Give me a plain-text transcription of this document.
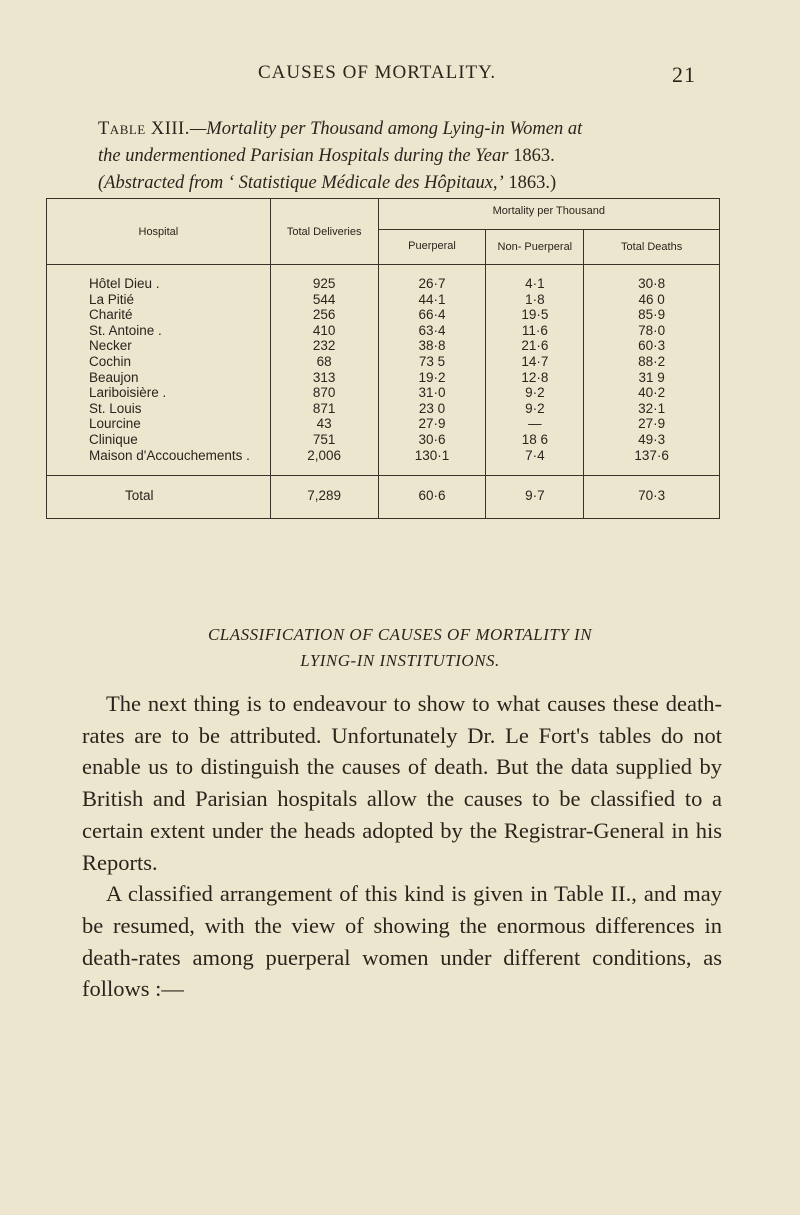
CAUSES OF MORTALITY.	21
Table XIII.—Mortality per Thousand among Lying-in Women at
the undermentioned Parisian Hospitals during the Year 1863.
(Abstracted from ‘ Statistique Médicale des Hôpitaux,’ 1863.)
Hospital	Total Deliveries	Mortality per Thousand		
		Puerperal	Non- Puerperal	Total Deaths
Hôtel Dieu .	925	26·7	4·1	30·8
La Pitié	544	44·1	1·8	46 0
Charité	256	66·4	19·5	85·9
St. Antoine .	410	63·4	11·6	78·0
Necker	232	38·8	21·6	60·3
Cochin	68	73 5	14·7	88·2
Beaujon	313	19·2	12·8	31 9
Lariboisière .	870	31·0	9·2	40·2
St. Louis	871	23 0	9·2	32·1
Lourcine	43	27·9	—	27·9
Clinique	751	30·6	18 6	49·3
Maison d'Accouchements .	2,006	130·1	7·4	137·6
Total	7,289	60·6	9·7	70·3
CLASSIFICATION OF CAUSES OF MORTALITY IN
LYING-IN INSTITUTIONS.

The next thing is to endeavour to show to what causes these death-rates are to be attributed. Unfortunately Dr. Le Fort's tables do not enable us to distinguish the causes of death. But the data supplied by British and Parisian hospitals allow the causes to be classified to a certain extent under the heads adopted by the Registrar-General in his Reports.

A classified arrangement of this kind is given in Table II., and may be resumed, with the view of showing the enormous differences in death-rates among puerperal women under different conditions, as follows :—
